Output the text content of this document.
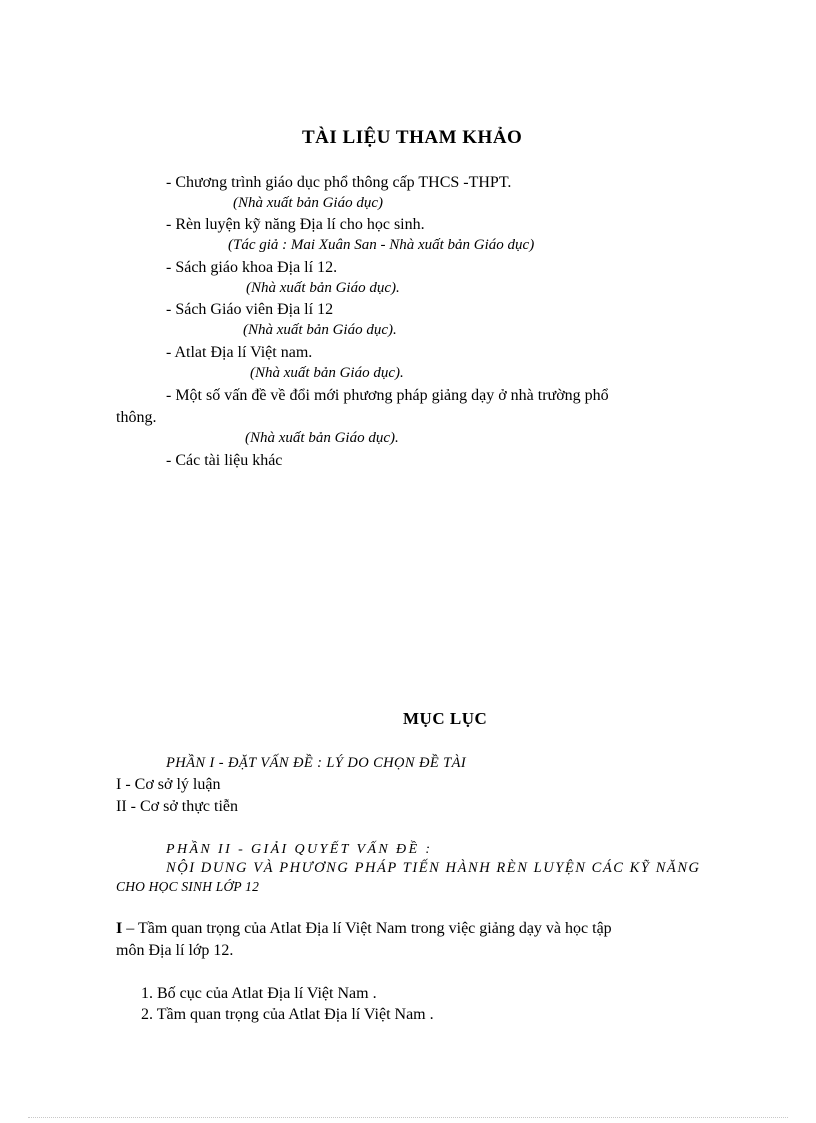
TÀI LIỆU THAM KHẢO
- Chương trình giáo dục phổ thông cấp THCS -THPT.
(Nhà xuất bản Giáo dục)
- Rèn luyện kỹ năng Địa lí cho học sinh.
(Tác giả : Mai Xuân San - Nhà xuất bản Giáo dục)
- Sách giáo khoa Địa lí 12.
(Nhà xuất bản Giáo dục).
- Sách Giáo viên Địa lí 12
(Nhà xuất bản Giáo dục).
- Atlat Địa lí Việt nam.
(Nhà xuất bản Giáo dục).
- Một số vấn đề về đổi mới phương pháp giảng dạy ở nhà trường phổ
thông.
(Nhà xuất bản Giáo dục).
- Các tài liệu khác
MỤC LỤC
PHẦN I - ĐẶT VẤN ĐỀ : LÝ DO CHỌN ĐỀ TÀI
I - Cơ sở lý luận
II - Cơ sở thực tiễn
PHẦN II - GIẢI QUYẾT VẤN ĐỀ :
NỘI DUNG VÀ PHƯƠNG PHÁP TIẾN HÀNH RÈN LUYỆN CÁC KỸ NĂNG
CHO HỌC SINH LỚP 12
I – Tầm quan trọng của Atlat Địa lí Việt Nam trong việc giảng dạy và học tập
môn Địa lí lớp 12.
1. Bố cục của Atlat Địa lí Việt Nam .
2. Tầm quan trọng của Atlat Địa lí Việt Nam .
